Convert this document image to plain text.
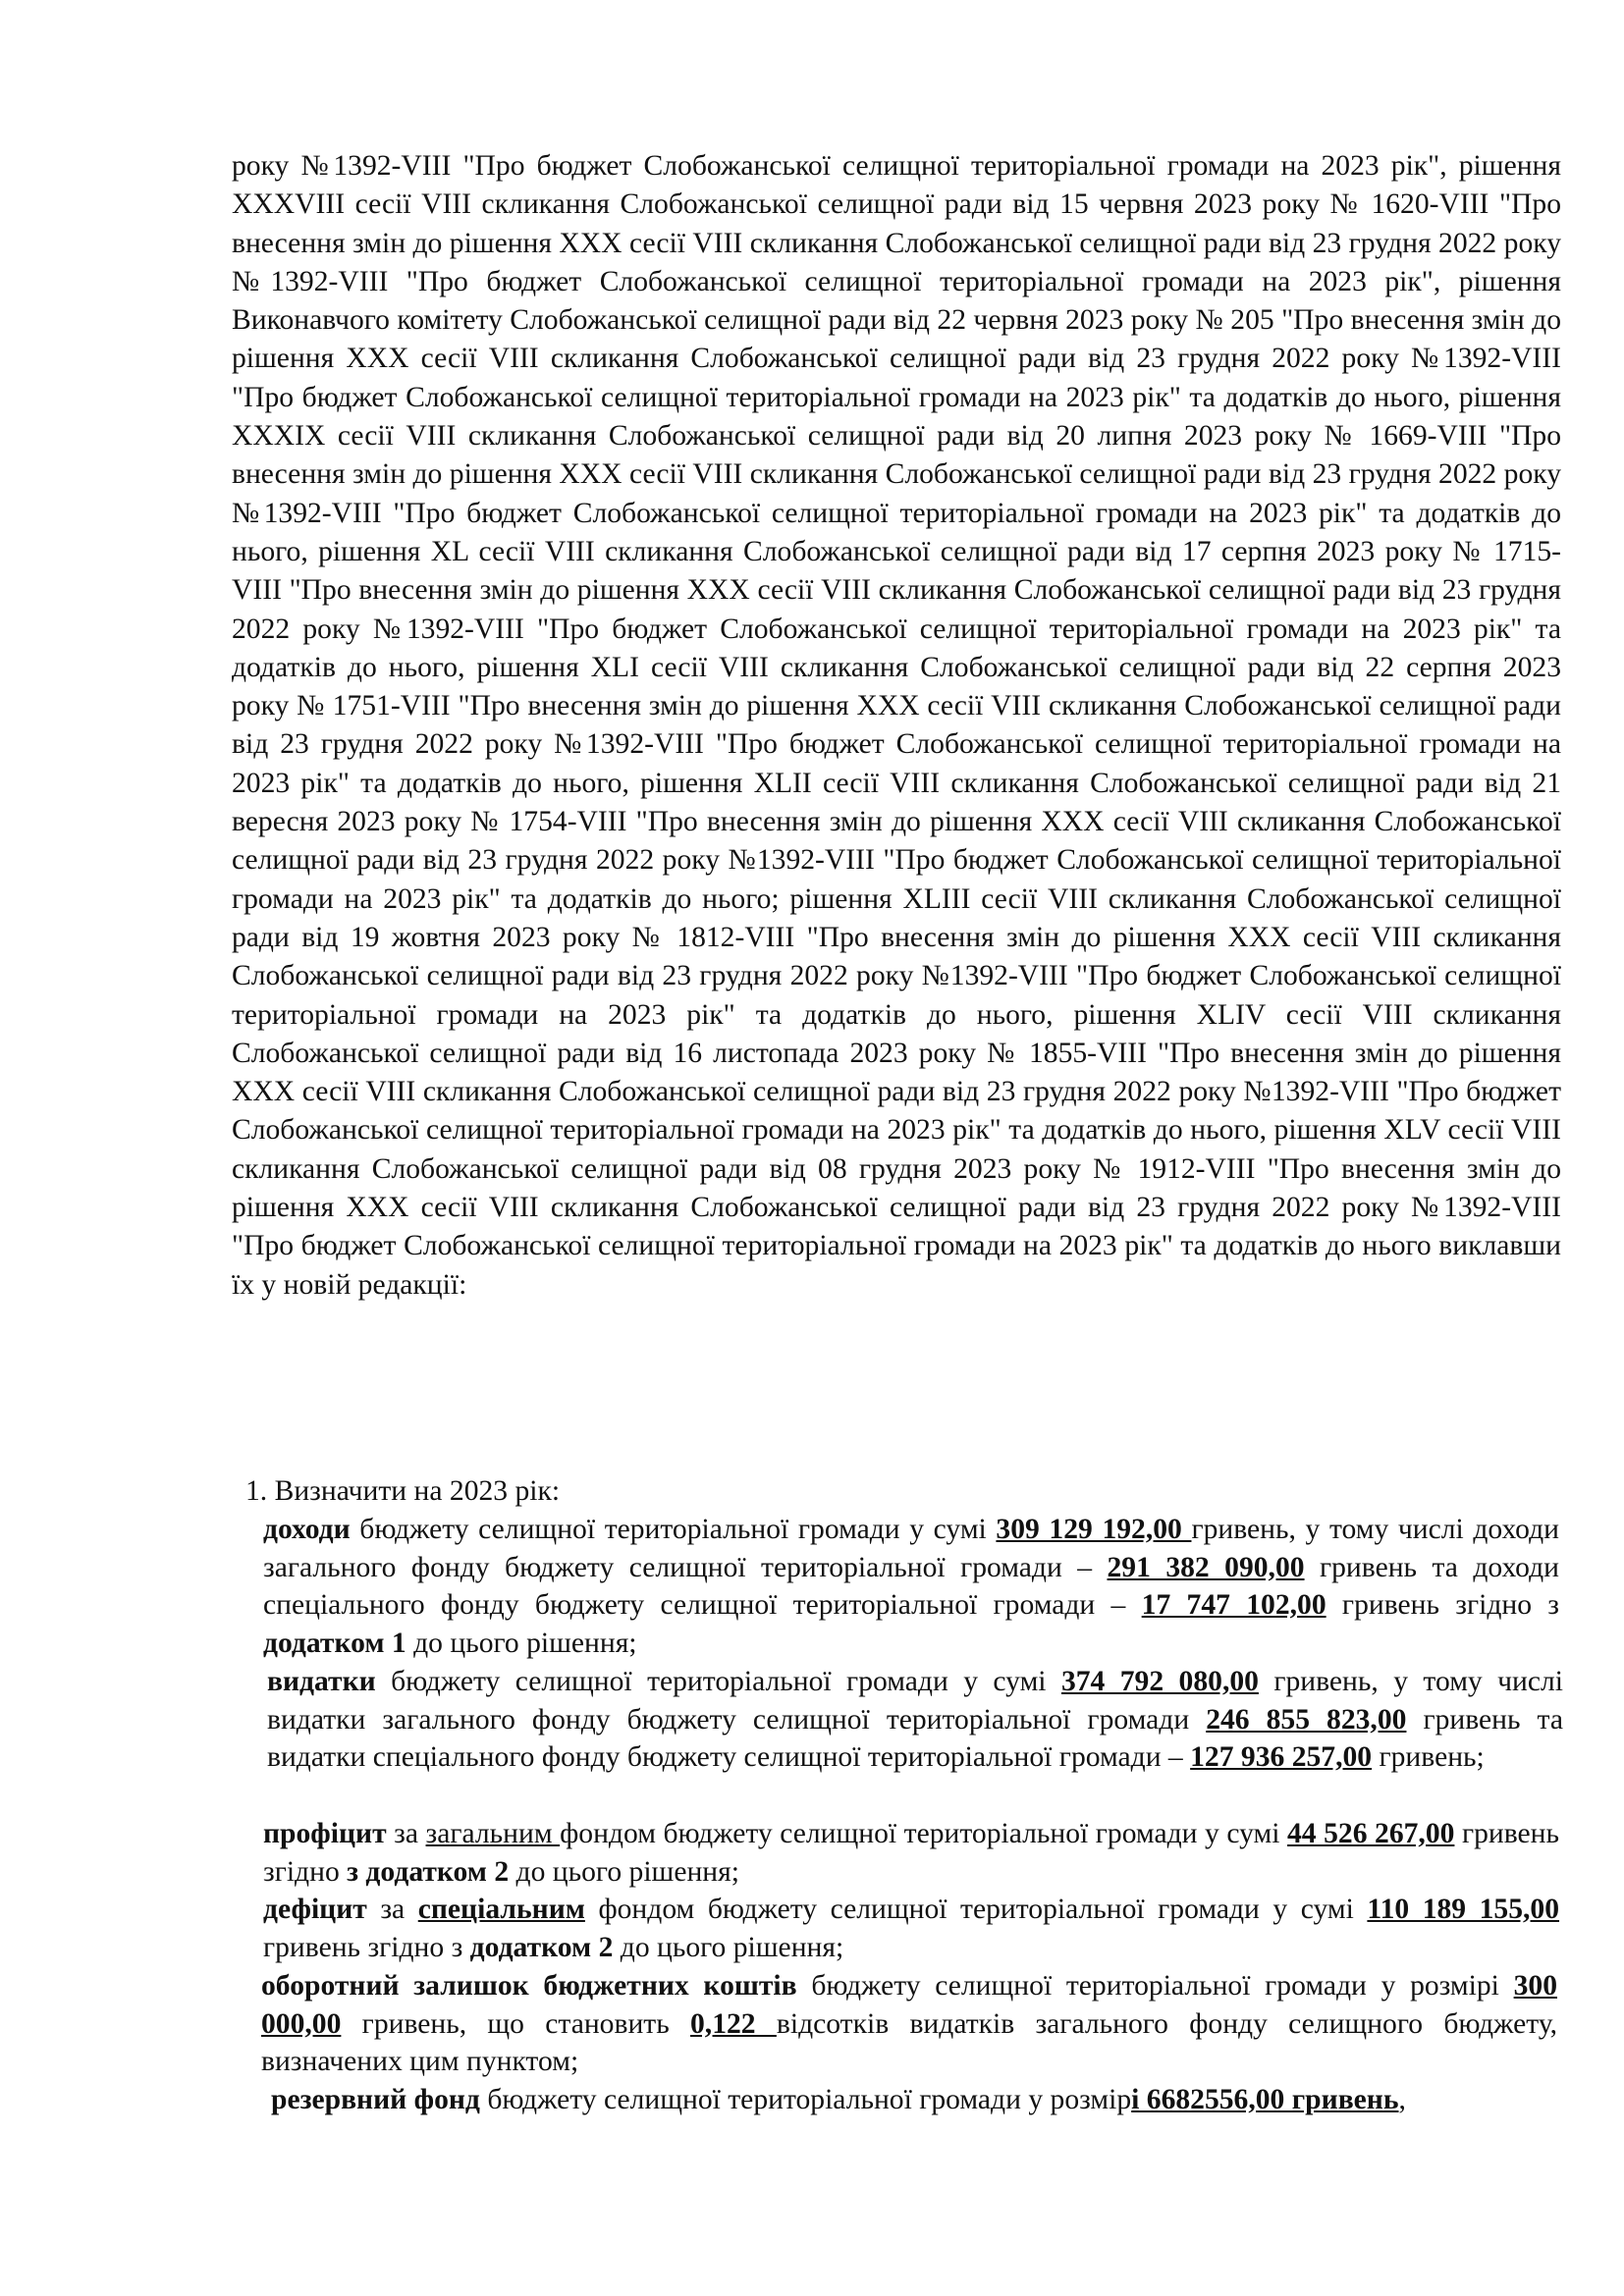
року №1392-VIII "Про бюджет Слобожанської селищної територіальної громади на 2023 рік", рішення XXXVIII сесії VIII скликання Слобожанської селищної ради від 15 червня 2023 року № 1620-VIII "Про внесення змін до рішення XXX сесії VIII скликання Слобожанської селищної ради від 23 грудня 2022 року №1392-VIII "Про бюджет Слобожанської селищної територіальної громади на 2023 рік", рішення Виконавчого комітету Слобожанської селищної ради від 22 червня 2023 року № 205 "Про внесення змін до рішення XXX сесії VIII скликання Слобожанської селищної ради від 23 грудня 2022 року №1392-VIII "Про бюджет Слобожанської селищної територіальної громади на 2023 рік" та додатків до нього, рішення XXXIX сесії VIII скликання Слобожанської селищної ради від 20 липня 2023 року № 1669-VIII "Про внесення змін до рішення XXX сесії VIII скликання Слобожанської селищної ради від 23 грудня 2022 року №1392-VIII "Про бюджет Слобожанської селищної територіальної громади на 2023 рік" та додатків до нього, рішення XL сесії VIII скликання Слобожанської селищної ради від 17 серпня 2023 року № 1715-VIII "Про внесення змін до рішення XXX сесії VIII скликання Слобожанської селищної ради від 23 грудня 2022 року №1392-VIII "Про бюджет Слобожанської селищної територіальної громади на 2023 рік" та додатків до нього, рішення XLI сесії VIII скликання Слобожанської селищної ради від 22 серпня 2023 року № 1751-VIII "Про внесення змін до рішення XXX сесії VIII скликання Слобожанської селищної ради від 23 грудня 2022 року №1392-VIII "Про бюджет Слобожанської селищної територіальної громади на 2023 рік" та додатків до нього, рішення XLII сесії VIII скликання Слобожанської селищної ради від 21 вересня 2023 року № 1754-VIII "Про внесення змін до рішення XXX сесії VIII скликання Слобожанської селищної ради від 23 грудня 2022 року №1392-VIII "Про бюджет Слобожанської селищної територіальної громади на 2023 рік" та додатків до нього; рішення XLIII сесії VIII скликання Слобожанської селищної ради від 19 жовтня 2023 року № 1812-VIII "Про внесення змін до рішення XXX сесії VIII скликання Слобожанської селищної ради від 23 грудня 2022 року №1392-VIII "Про бюджет Слобожанської селищної територіальної громади на 2023 рік" та додатків до нього, рішення XLIV сесії VIII скликання Слобожанської селищної ради від 16 листопада 2023 року № 1855-VIII "Про внесення змін до рішення XXX сесії VIII скликання Слобожанської селищної ради від 23 грудня 2022 року №1392-VIII "Про бюджет Слобожанської селищної територіальної громади на 2023 рік" та додатків до нього, рішення XLV сесії VIII скликання Слобожанської селищної ради від 08 грудня 2023 року № 1912-VIII "Про внесення змін до рішення XXX сесії VIII скликання Слобожанської селищної ради від 23 грудня 2022 року №1392-VIII "Про бюджет Слобожанської селищної територіальної громади на 2023 рік" та додатків до нього виклавши їх у новій редакції:

1. Визначити на 2023 рік:

доходи бюджету селищної територіальної громади у сумі 309 129 192,00 гривень, у тому числі доходи загального фонду бюджету селищної територіальної громади – 291 382 090,00 гривень та доходи спеціального фонду бюджету селищної територіальної громади – 17 747 102,00 гривень згідно з додатком 1 до цього рішення;

видатки бюджету селищної територіальної громади у сумі 374 792 080,00 гривень, у тому числі видатки загального фонду бюджету селищної територіальної громади 246 855 823,00 гривень та видатки спеціального фонду бюджету селищної територіальної громади – 127 936 257,00 гривень;

профіцит за загальним фондом бюджету селищної територіальної громади у сумі 44 526 267,00 гривень згідно з додатком 2 до цього рішення;

дефіцит за спеціальним фондом бюджету селищної територіальної громади у сумі 110 189 155,00 гривень згідно з додатком 2 до цього рішення;

оборотний залишок бюджетних коштів бюджету селищної територіальної громади у розмірі 300 000,00 гривень, що становить 0,122 відсотків видатків загального фонду селищного бюджету, визначених цим пунктом;

резервний фонд бюджету селищної територіальної громади у розмірі 6682556,00 гривень,
